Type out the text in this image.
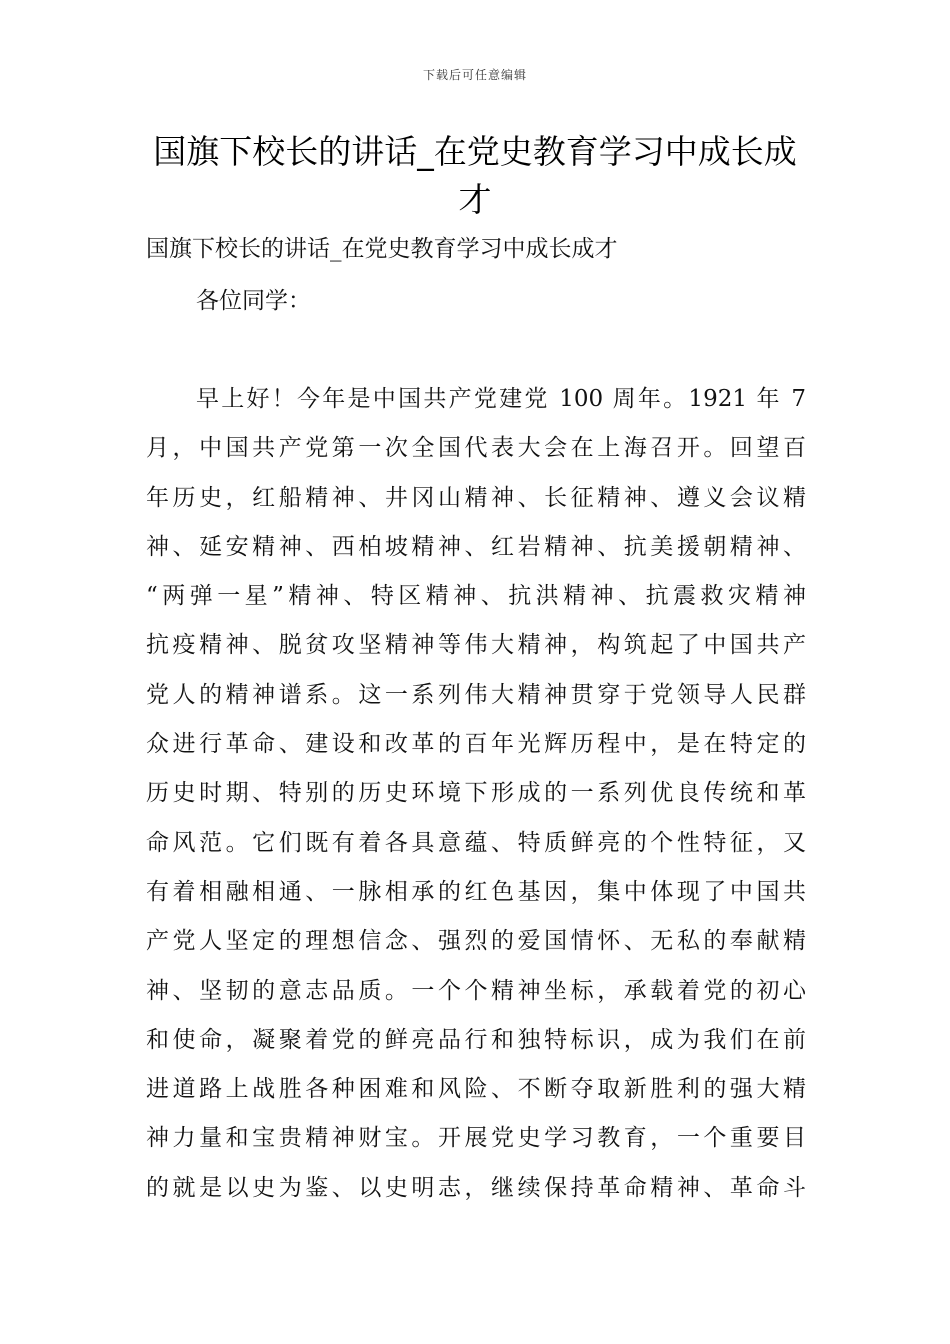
下载后可任意编辑
国旗下校长的讲话_在党史教育学习中成长成才
国旗下校长的讲话_在党史教育学习中成长成才
各位同学：
早上好！今年是中国共产党建党 100 周年。1921 年 7
月，中国共产党第一次全国代表大会在上海召开。回望百
年历史，红船精神、井冈山精神、长征精神、遵义会议精
神、延安精神、西柏坡精神、红岩精神、抗美援朝精神、
“两弹一星”精神、特区精神、抗洪精神、抗震救灾精神
抗疫精神、脱贫攻坚精神等伟大精神，构筑起了中国共产
党人的精神谱系。这一系列伟大精神贯穿于党领导人民群
众进行革命、建设和改革的百年光辉历程中，是在特定的
历史时期、特别的历史环境下形成的一系列优良传统和革
命风范。它们既有着各具意蕴、特质鲜亮的个性特征，又
有着相融相通、一脉相承的红色基因，集中体现了中国共
产党人坚定的理想信念、强烈的爱国情怀、无私的奉献精
神、坚韧的意志品质。一个个精神坐标，承载着党的初心
和使命，凝聚着党的鲜亮品行和独特标识，成为我们在前
进道路上战胜各种困难和风险、不断夺取新胜利的强大精
神力量和宝贵精神财宝。开展党史学习教育，一个重要目
的就是以史为鉴、以史明志，继续保持革命精神、革命斗
